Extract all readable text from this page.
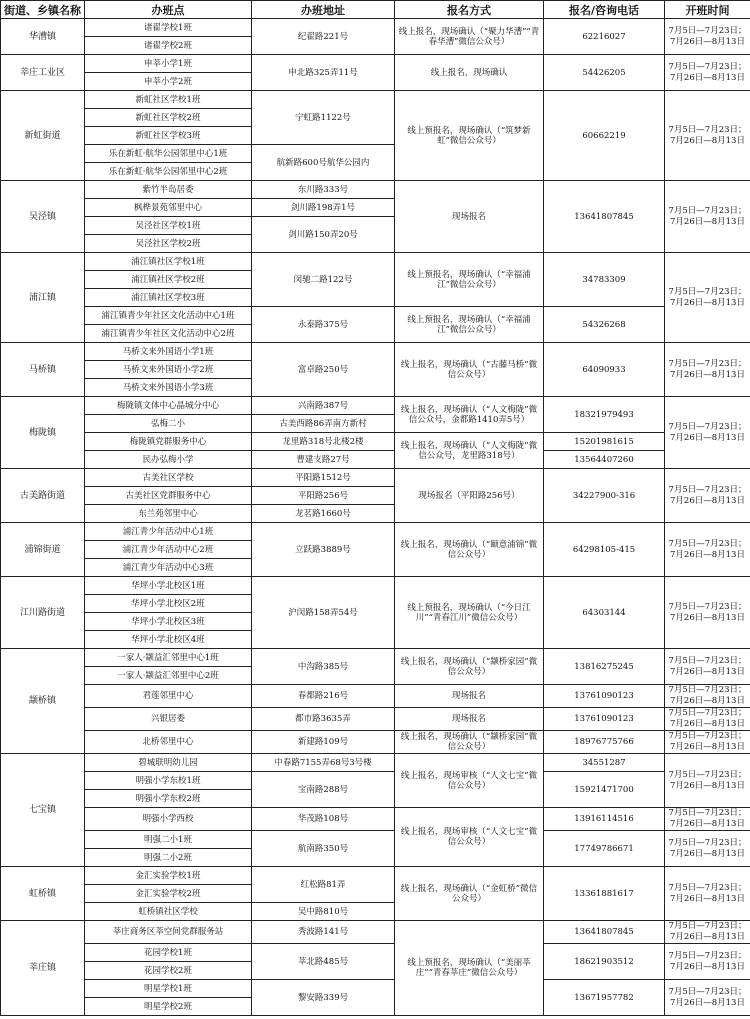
街道、乡镇名称	办班点	办班地址	报名方式	报名/咨询电话	开班时间
华漕镇	诸翟学校1班	纪翟路221号	线上报名，现场确认（“聚力华漕”“青春华漕”微信公众号）	62216027	7月5日—7月23日；7月26日—8月13日
	诸翟学校2班				
莘庄工业区	申莘小学1班	申北路325弄11号	线上报名，现场确认	54426205	7月5日—7月23日；7月26日—8月13日
	申莘小学2班				
新虹街道	新虹社区学校1班	宁虹路1122号	线上预报名，现场确认（“筑梦新虹”微信公众号）	60662219	7月5日—7月23日；7月26日—8月13日
	新虹社区学校2班				
	新虹社区学校3班				
	乐在新虹·航华公园邻里中心1班	航新路600号航华公园内			
	乐在新虹·航华公园邻里中心2班				
吴泾镇	紫竹半岛居委	东川路333号	现场报名	13641807845	7月5日—7月23日；7月26日—8月13日
	枫桦景苑邻里中心	剑川路198弄1号			
	吴泾社区学校1班	剑川路150弄20号			
	吴泾社区学校2班				
浦江镇	浦江镇社区学校1班	闵驰二路122号	线上预报名，现场确认（“幸福浦江”微信公众号）	34783309	7月5日—7月23日；7月26日—8月13日
	浦江镇社区学校2班				
	浦江镇社区学校3班				
	浦江镇青少年社区文化活动中心1班	永泰路375号	线上预报名，现场确认（“幸福浦江”微信公众号）	54326268	
	浦江镇青少年社区文化活动中心2班				
马桥镇	马桥文来外国语小学1班	富卓路250号	线上报名，现场确认（“古藤马桥”微信公众号）	64090933	7月5日—7月23日；7月26日—8月13日
	马桥文来外国语小学2班				
	马桥文来外国语小学3班				
梅陇镇	梅陇镇文体中心晶城分中心	兴南路387号	线上报名，现场确认（“人文梅陇”微信公众号，金都路1410弄5号）	18321979493	7月5日—7月23日；7月26日—8月13日
	弘梅二小	古美西路86弄南方新村			
	梅陇镇党群服务中心	龙里路318号北楼2楼	线上报名，现场确认（“人文梅陇”微信公众号，龙里路318号）	15201981615	

	民办弘梅小学	曹建支路27号		13564407260	
古美路街道	古美社区学校	平阳路1512号	现场报名（平阳路256号）	34227900-316	7月5日—7月23日；7月26日—8月13日
	古美社区党群服务中心	平阳路256号			
	东兰苑邻里中心	龙茗路1660号			
浦锦街道	浦江青少年活动中心1班	立跃路3889号	线上报名，现场确认（“颐意浦锦”微信公众号）	64298105-415	7月5日—7月23日；7月26日—8月13日
	浦江青少年活动中心2班				
	浦江青少年活动中心3班				
江川路街道	华坪小学北校区1班	沪闵路158弄54号	线上预报名，现场确认（“今日江川”“青春江川”微信公众号）	64303144	7月5日—7月23日；7月26日—8月13日
	华坪小学北校区2班				
	华坪小学北校区3班				
	华坪小学北校区4班				
颛桥镇	一家人·颛益汇邻里中心1班	中沟路385号	线上报名，现场确认（“颛桥家园”微信公众号）	13816275245	7月5日—7月23日；7月26日—8月13日
	一家人·颛益汇邻里中心2班				
	君莲邻里中心	春都路216号	现场报名	13761090123	7月5日—7月23日；7月26日—8月13日
	兴银居委	都市路3635弄	现场报名	13761090123	7月5日—7月23日；7月26日—8月13日
	北桥邻里中心	新建路109号	线上报名，现场确认（“颛桥家园”微信公众号）	18976775766	7月5日—7月23日；7月26日—8月13日

七宝镇	碧城联明幼儿园	中春路7155弄68号3号楼	线上报名，现场审核（“人文七宝”微信公众号）	34551287	7月5日—7月23日；7月26日—8月13日
	明强小学东校1班	宝南路288号		15921471700	
	明强小学东校2班				
	明强小学西校	华茂路108号	线上报名，现场审核（“人文七宝”微信公众号）	13916114516	7月5日—7月23日；7月26日—8月13日
	明强二小1班	航南路350号		17749786671	7月5日—7月23日；7月26日—8月13日
	明强二小2班				
虹桥镇	金汇实验学校1班	红松路81弄	线上报名，现场确认（“金虹桥”微信公众号）	13361881617	7月5日—7月23日；7月26日—8月13日
	金汇实验学校2班				
	虹桥镇社区学校	吴中路810号			
莘庄镇	莘庄商务区莘空间党群服务站	秀波路141号	线上预报名，现场确认（“美丽莘庄”“青春莘庄”微信公众号）	13641807845	7月5日—7月23日；7月26日—8月13日
	花园学校1班	莘北路485号		18621903512	7月5日—7月23日；7月26日—8月13日
	花园学校2班				
	明星学校1班	黎安路339号		13671957782	7月5日—7月23日；7月26日—8月13日
	明星学校2班				
